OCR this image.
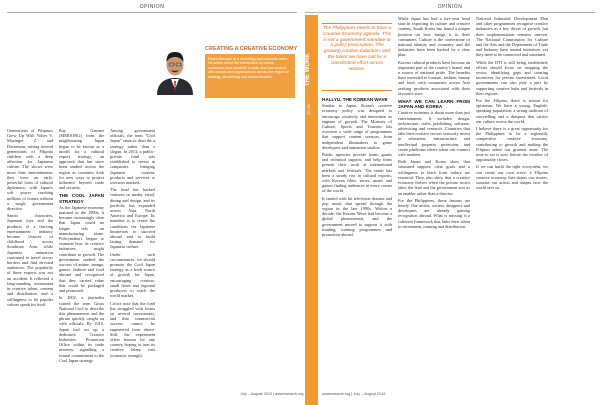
OPINION	OPINION

Generations of Filipinos Grew Up With Voltes V, Mazinger Z and Doraemon, raising several generations of Filipino children with a deep affection for Japanese culture. The shows were more than entertainment: they were an early, powerful form of cultural diplomacy, with Japan's soft power reaching millions of homes without a single government directive.

Sanrio characters, Japanese toys and the products of a thriving entertainment industry became fixtures of childhood across Southeast Asia, while Japanese animation continued to travel across borders and find devoted audiences. The popularity of these exports was not an accident. It reflected a long-standing investment in creative talent, content and distribution, and a willingness to let popular culture speak for itself.

Ray Gamaer (MMOORG) from the neighbouring Japan began to be known as a model for a cultural export strategy, an approach that has since been studied across the region as countries look for new ways to project influence beyond trade and security.

THE COOL JAPAN STRATEGY

As the Japanese economy matured in the 1990s, it became increasingly clear that Japan could no longer rely on manufacturing alone. Policymakers began to examine how its creative industries might contribute to growth. The government studied the success of anime, manga, games, fashion and food abroad and recognised that they carried value that could be packaged and promoted.

In 2002, a journalist coined the term Gross National Cool to describe this phenomenon, and the phrase quickly caught on with officials. By 2010, Japan had set up a dedicated Creative Industries Promotion Office within its trade ministry, signalling a formal commitment to the Cool Japan strategy.

Among government officials, the term "Cool Japan" came to describe a strategy rather than a slogan. In 2013, a public-private fund was established to invest in companies bringing Japanese content, products and services to overseas markets.

The fund has backed ventures in media, retail, dining and design, and its portfolio has expanded across Asia, North America and Europe. Its mandate is to create the conditions for Japanese businesses to succeed abroad and to build lasting demand for Japanese culture.

Under such circumstances, we should promote the Cool Japan strategy as a fresh source of growth for Japan, encouraging creators, small firms and regional producers to reach the world market.

Critics note that the fund has struggled with losses on several investments, and that commercial success cannot be engineered from above. Still, the experiment offers lessons for any country hoping to turn its creative talent into economic strength.

CREATING A CREATIVE ECONOMY
Paolo Mercado is a marketing and business writer. He writes about the intersection of culture, commerce and creativity in Asia, and has worked with brands and organisations across the region on strategy, storytelling and communication.
July – August 2015 | asiaresearch.org
THE WORK
BY SK
The Philippines needs to have a Creative Economy agenda. This is not a government mandate or a policy prescription. The growing creative industries and the talent we have call for a coordinated effort across sectors.
HALLYU, THE KOREAN WAVE

Similar to Japan, Korea's creative economy policy was designed to encourage creativity and innovation as engines of growth. The Ministry of Culture, Sports and Tourism has overseen a wide range of programmes that support content creators, from independent filmmakers to game developers and animation studios.

Public agencies provide loans, grants and technical support, and help firms present their work at international markets and festivals. The result has been a steady rise in cultural exports, with Korean films, series, music and games finding audiences in every corner of the world.

It started with hit television dramas and pop music that spread through the region in the late 1990s. Within a decade, the Korean Wave had become a global phenomenon, and the government moved to support it with funding, training programmes and promotion abroad.

While Japan has had a five-year head start in exporting its culture and creative content, South Korea has found a unique position on how brings it to their consumers. Culture is the cornerstone of national identity and economy, and the industries have been backed by a clear plan.

Korean cultural products have become an important part of the country's brand, and a source of national pride. The benefits have extended to tourism, fashion, beauty and food, with consumers across Asia seeking products associated with their favourite stars.

WHAT WE CAN LEARN FROM JAPAN AND KOREA

Creative economy is about more than just entertainment. It includes design, architecture, crafts, publishing, software, advertising and research. Countries that take their creative sectors seriously invest in education, infrastructure and intellectual property protection, and create platforms where talent can connect with markets.

Both Japan and Korea show that sustained support, clear goals and a willingness to learn from failure are essential. They also show that a creative economy thrives when the private sector takes the lead and the government acts as an enabler rather than a director.

For the Philippines, these lessons are timely. Our artists, writers, designers and developers are already gaining recognition abroad. What is missing is a coherent framework that links their talent to investment, training and distribution.

National Industrial Development Plan and other programmes recognise creative industries as a key driver of growth, but their implementation remains uneven. The National Commission for Culture and the Arts and the Department of Trade and Industry have started initiatives, yet they need to be connected and sustained.

While the DTI is still being established, efforts should focus on mapping the sector, identifying gaps and creating incentives for private investment. Local governments can also play a part by supporting creative hubs and festivals in their regions.

For the Filipino, there is reason for optimism. We have a young, English-speaking population, a strong tradition of storytelling and a diaspora that carries our culture across the world.

I believe there is a great opportunity for the Philippines to be a regionally competitive creative economy, contributing to growth and making the Filipino talent our greatest asset. The time to act is now, before the window of opportunity closes.

If we can build the right ecosystem, we can create our own wave: a Filipino creative economy that shares our stories, sustains our artists and shapes how the world sees us.

asiaresearch.org | July – August 2015
